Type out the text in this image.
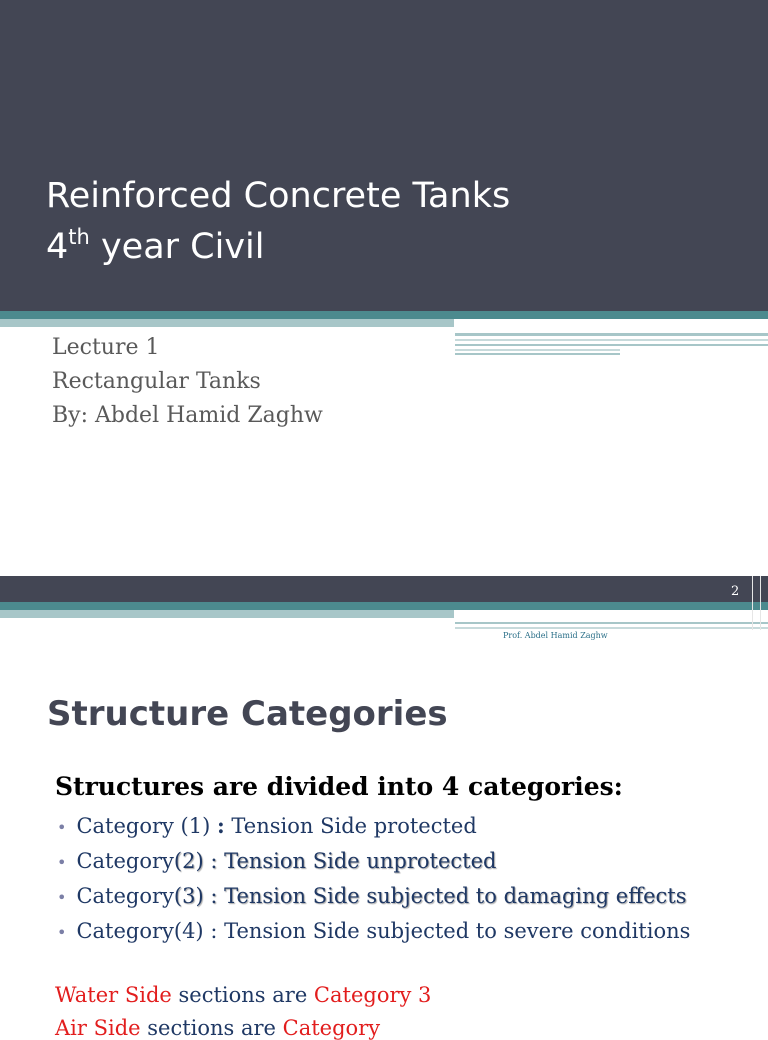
Reinforced Concrete Tanks
4th year Civil
Lecture 1
Rectangular Tanks
By: Abdel Hamid Zaghw
2
Prof. Abdel Hamid Zaghw
Structure Categories

Structures are divided into 4 categories:

• Category (1) : Tension Side protected
• Category(2) : Tension Side unprotected
• Category(3) : Tension Side subjected to damaging effects
• Category(4) : Tension Side subjected to severe conditions
Water Side sections are Category 3
Air Side sections are Category
